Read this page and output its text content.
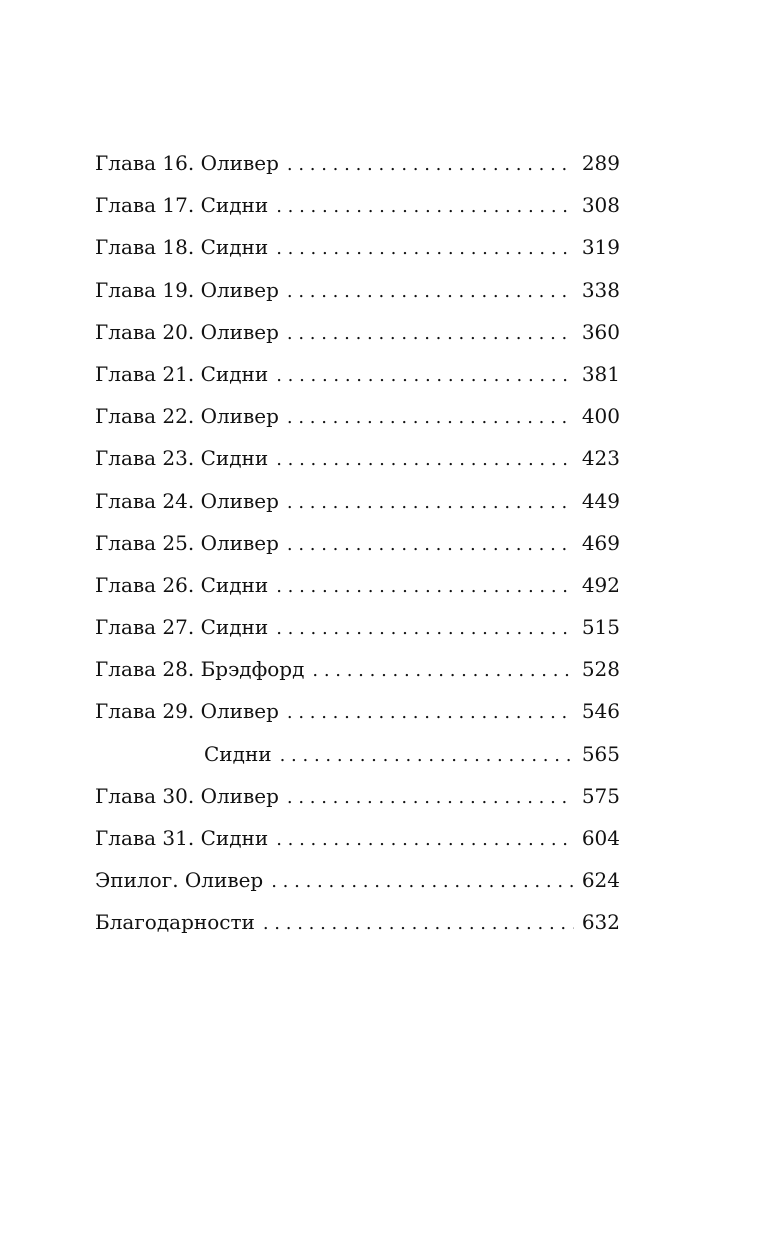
Глава 16. Оливер . . .	289
Глава 17. Сидни . . .	308
Глава 18. Сидни . . .	319
Глава 19. Оливер . . .	338
Глава 20. Оливер . . .	360
Глава 21. Сидни . . .	381
Глава 22. Оливер . . .	400
Глава 23. Сидни . . .	423
Глава 24. Оливер . . .	449
Глава 25. Оливер . . .	469
Глава 26. Сидни . . .	492
Глава 27. Сидни . . .	515
Глава 28. Брэдфорд . . .	528
Глава 29. Оливер . . .	546
Сидни . . .	565
Глава 30. Оливер . . .	575
Глава 31. Сидни . . .	604
Эпилог. Оливер . . .	624
Благодарности . . .	632
